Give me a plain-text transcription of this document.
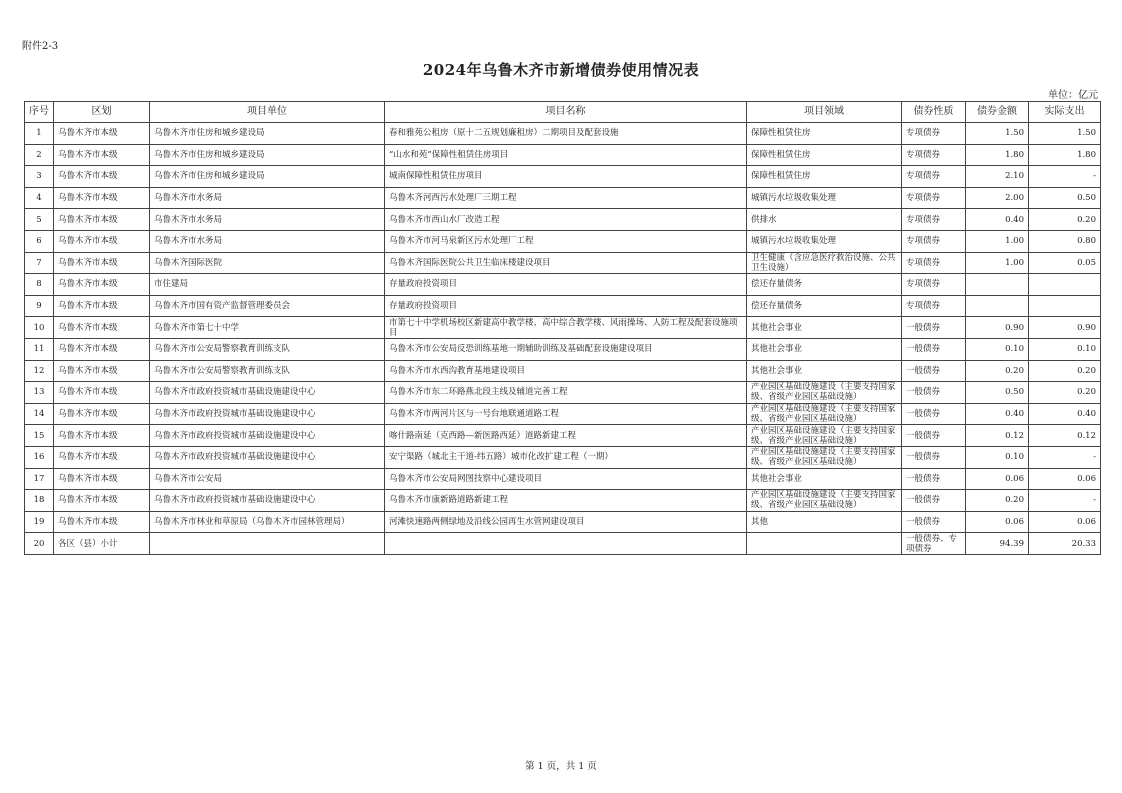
附件2-3
2024年乌鲁木齐市新增债券使用情况表
单位：亿元
序号	区划	项目单位	项目名称	项目领域	债券性质	债券金额	实际支出
1	乌鲁木齐市本级	乌鲁木齐市住房和城乡建设局	春和雅苑公租房（原十二五规划廉租房）二期项目及配套设施	保障性租赁住房	专项债券	1.50	1.50
2	乌鲁木齐市本级	乌鲁木齐市住房和城乡建设局	“山水和苑”保障性租赁住房项目	保障性租赁住房	专项债券	1.80	1.80
3	乌鲁木齐市本级	乌鲁木齐市住房和城乡建设局	城南保障性租赁住房项目	保障性租赁住房	专项债券	2.10	-
4	乌鲁木齐市本级	乌鲁木齐市水务局	乌鲁木齐河西污水处理厂三期工程	城镇污水垃圾收集处理	专项债券	2.00	0.50
5	乌鲁木齐市本级	乌鲁木齐市水务局	乌鲁木齐市西山水厂改造工程	供排水	专项债券	0.40	0.20
6	乌鲁木齐市本级	乌鲁木齐市水务局	乌鲁木齐市河马泉新区污水处理厂工程	城镇污水垃圾收集处理	专项债券	1.00	0.80
7	乌鲁木齐市本级	乌鲁木齐国际医院	乌鲁木齐国际医院公共卫生临床楼建设项目	卫生健康（含应急医疗救治设施、公共卫生设施）	专项债券	1.00	0.05
8	乌鲁木齐市本级	市住建局	存量政府投资项目	偿还存量债务	专项债券		
9	乌鲁木齐市本级	乌鲁木齐市国有资产监督管理委员会	存量政府投资项目	偿还存量债务	专项债券		
10	乌鲁木齐市本级	乌鲁木齐市第七十中学	市第七十中学机场校区新建高中教学楼、高中综合教学楼、风雨操场、人防工程及配套设施项目	其他社会事业	一般债券	0.90	0.90
11	乌鲁木齐市本级	乌鲁木齐市公安局警察教育训练支队	乌鲁木齐市公安局反恐训练基地一期辅助训练及基础配套设施建设项目	其他社会事业	一般债券	0.10	0.10
12	乌鲁木齐市本级	乌鲁木齐市公安局警察教育训练支队	乌鲁木齐市水西沟教育基地建设项目	其他社会事业	一般债券	0.20	0.20
13	乌鲁木齐市本级	乌鲁木齐市政府投资城市基础设施建设中心	乌鲁木齐市东二环路燕北段主线及辅道完善工程	产业园区基础设施建设（主要支持国家级、省级产业园区基础设施）	一般债券	0.50	0.20
14	乌鲁木齐市本级	乌鲁木齐市政府投资城市基础设施建设中心	乌鲁木齐市两河片区与一号台地联通道路工程	产业园区基础设施建设（主要支持国家级、省级产业园区基础设施）	一般债券	0.40	0.40
15	乌鲁木齐市本级	乌鲁木齐市政府投资城市基础设施建设中心	喀什路南延（克西路—新医路西延）道路新建工程	产业园区基础设施建设（主要支持国家级、省级产业园区基础设施）	一般债券	0.12	0.12
16	乌鲁木齐市本级	乌鲁木齐市政府投资城市基础设施建设中心	安宁渠路（城北主干道-纬五路）城市化改扩建工程（一期）	产业园区基础设施建设（主要支持国家级、省级产业园区基础设施）	一般债券	0.10	-
17	乌鲁木齐市本级	乌鲁木齐市公安局	乌鲁木齐市公安局网图技察中心建设项目	其他社会事业	一般债券	0.06	0.06
18	乌鲁木齐市本级	乌鲁木齐市政府投资城市基础设施建设中心	乌鲁木齐市康新路道路新建工程	产业园区基础设施建设（主要支持国家级、省级产业园区基础设施）	一般债券	0.20	-
19	乌鲁木齐市本级	乌鲁木齐市林业和草原局（乌鲁木齐市园林管理局）	河滩快速路两侧绿地及沿线公园再生水管网建设项目	其他	一般债券	0.06	0.06
20	各区（县）小计				一般债券、专项债券	94.39	20.33
第 1 页，共 1 页
